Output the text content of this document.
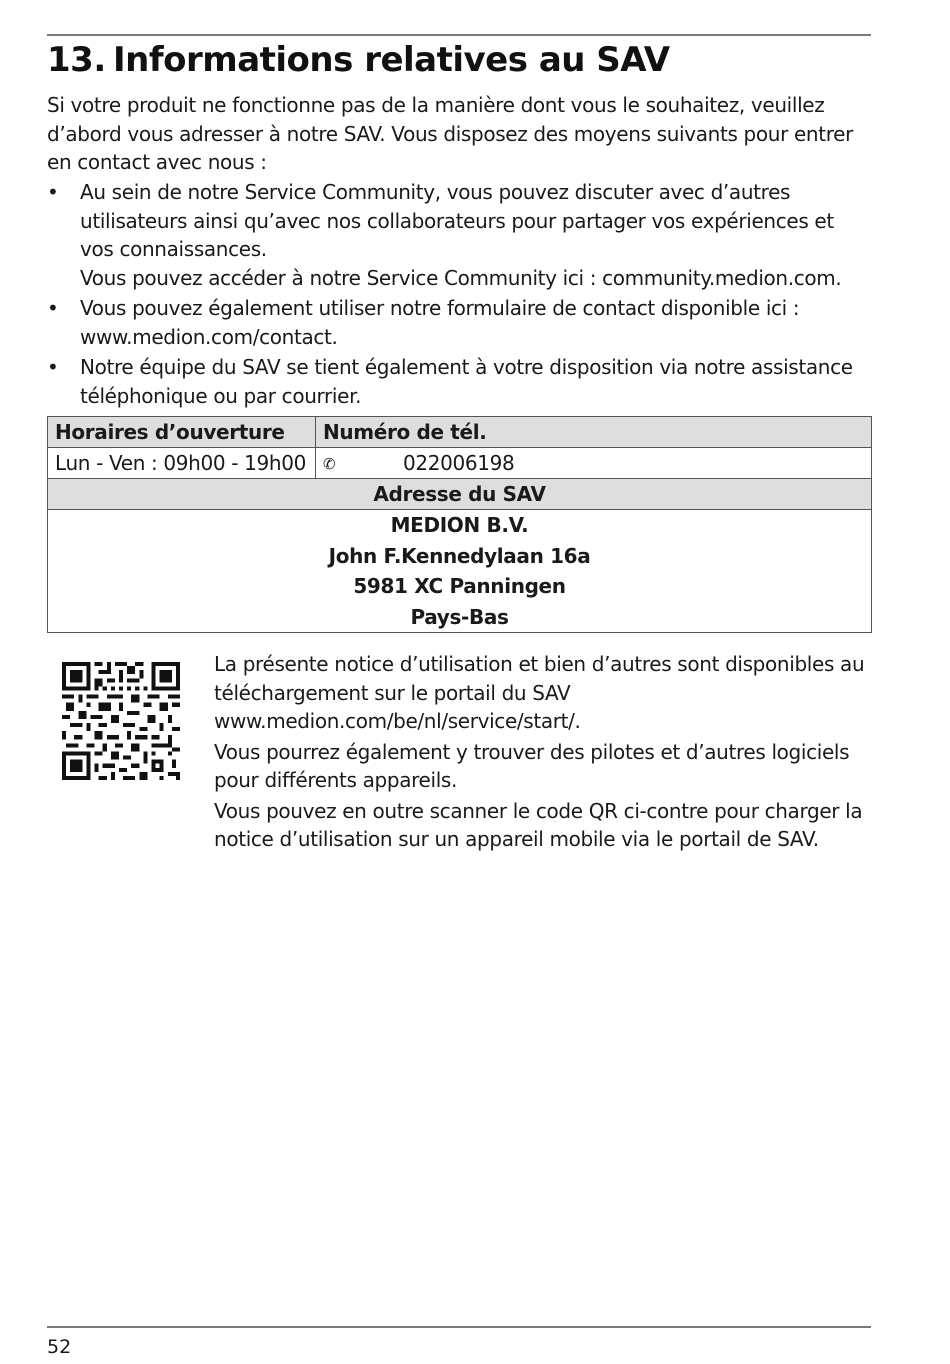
13. Informations relatives au SAV

Si votre produit ne fonctionne pas de la manière dont vous le souhaitez, veuillez d’abord vous adresser à notre SAV. Vous disposez des moyens suivants pour entrer en contact avec nous :

• Au sein de notre Service Community, vous pouvez discuter avec d’autres utilisateurs ainsi qu’avec nos collaborateurs pour partager vos expériences et vos connaissances.

Vous pouvez accéder à notre Service Community ici : community.medion.com.

• Vous pouvez également utiliser notre formulaire de contact disponible ici : www.medion.com/contact.

• Notre équipe du SAV se tient également à votre disposition via notre assistance téléphonique ou par courrier.

Horaires d’ouverture	Numéro de tél.
Lun - Ven : 09h00 - 19h00	✆ 022006198
Adresse du SAV	

MEDION B.V.
John F.Kennedylaan 16a
5981 XC Panningen
Pays-Bas	

La présente notice d’utilisation et bien d’autres sont disponibles au téléchargement sur le portail du SAV www.medion.com/be/nl/service/start/.

Vous pourrez également y trouver des pilotes et d’autres logiciels pour différents appareils.

Vous pouvez en outre scanner le code QR ci-contre pour charger la notice d’utilisation sur un appareil mobile via le portail de SAV.

52
